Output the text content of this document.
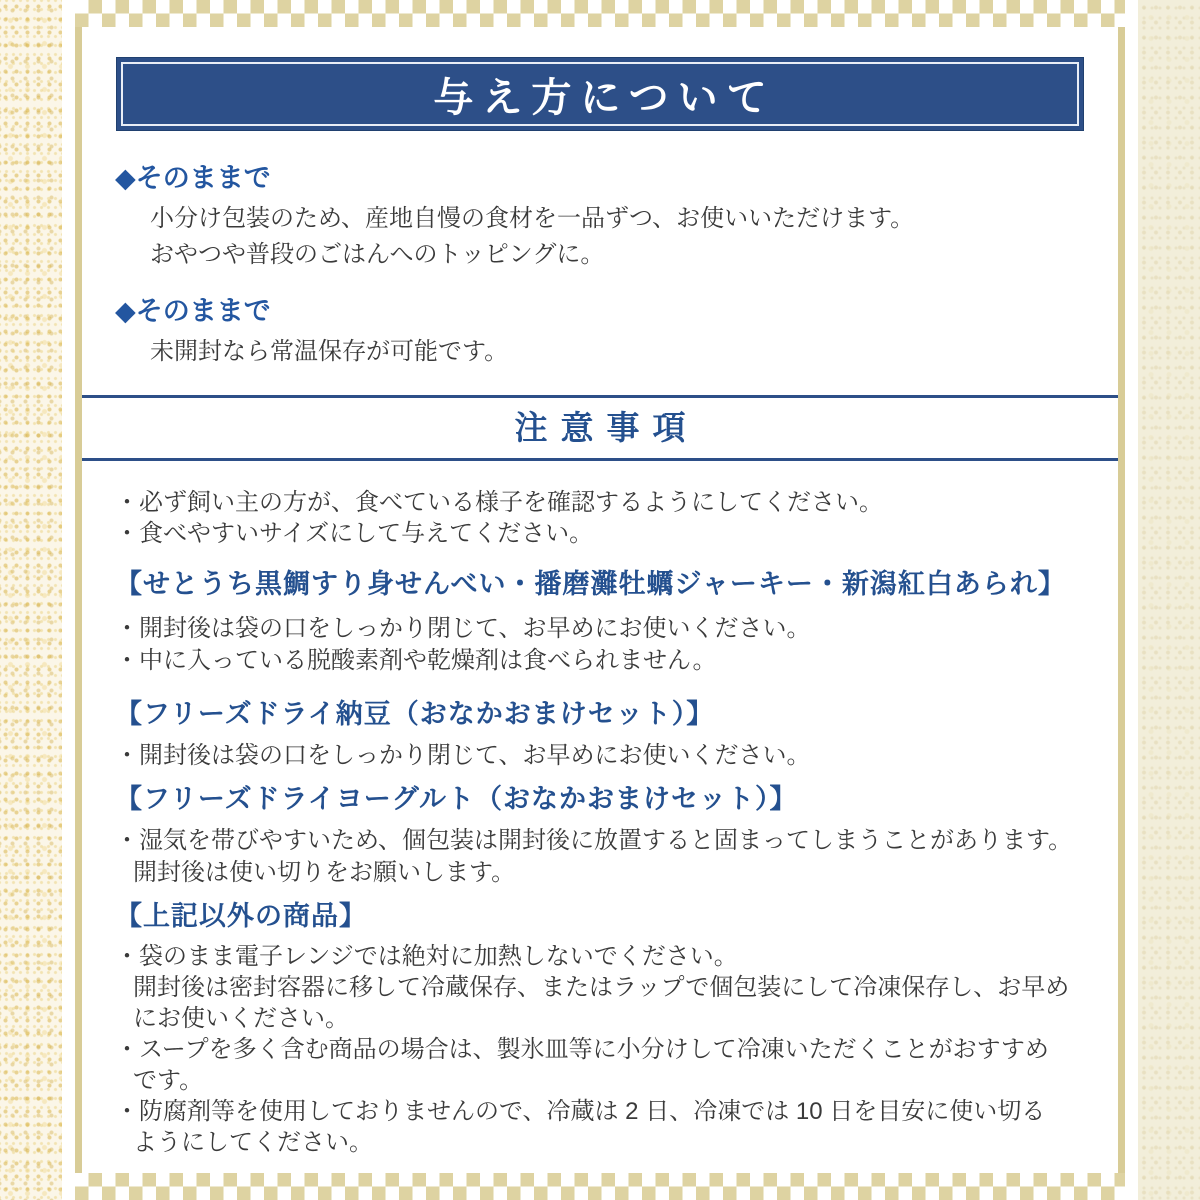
与え方について
◆そのままで
小分け包装のため、産地自慢の食材を一品ずつ、お使いいただけます。
おやつや普段のごはんへのトッピングに。
◆そのままで
未開封なら常温保存が可能です。
注意事項
・必ず飼い主の方が、食べている様子を確認するようにしてください。
・食べやすいサイズにして与えてください。
【せとうち黒鯛すり身せんべい・播磨灘牡蠣ジャーキー・新潟紅白あられ】
・開封後は袋の口をしっかり閉じて、お早めにお使いください。
・中に入っている脱酸素剤や乾燥剤は食べられません。
【フリーズドライ納豆（おなかおまけセット）】
・開封後は袋の口をしっかり閉じて、お早めにお使いください。
【フリーズドライヨーグルト（おなかおまけセット）】
・湿気を帯びやすいため、個包装は開封後に放置すると固まってしまうことがあります。
開封後は使い切りをお願いします。
【上記以外の商品】
・袋のまま電子レンジでは絶対に加熱しないでください。
開封後は密封容器に移して冷蔵保存、またはラップで個包装にして冷凍保存し、お早め
にお使いください。
・スープを多く含む商品の場合は、製氷皿等に小分けして冷凍いただくことがおすすめ
です。
・防腐剤等を使用しておりませんので、冷蔵は 2 日、冷凍では 10 日を目安に使い切る
ようにしてください。
